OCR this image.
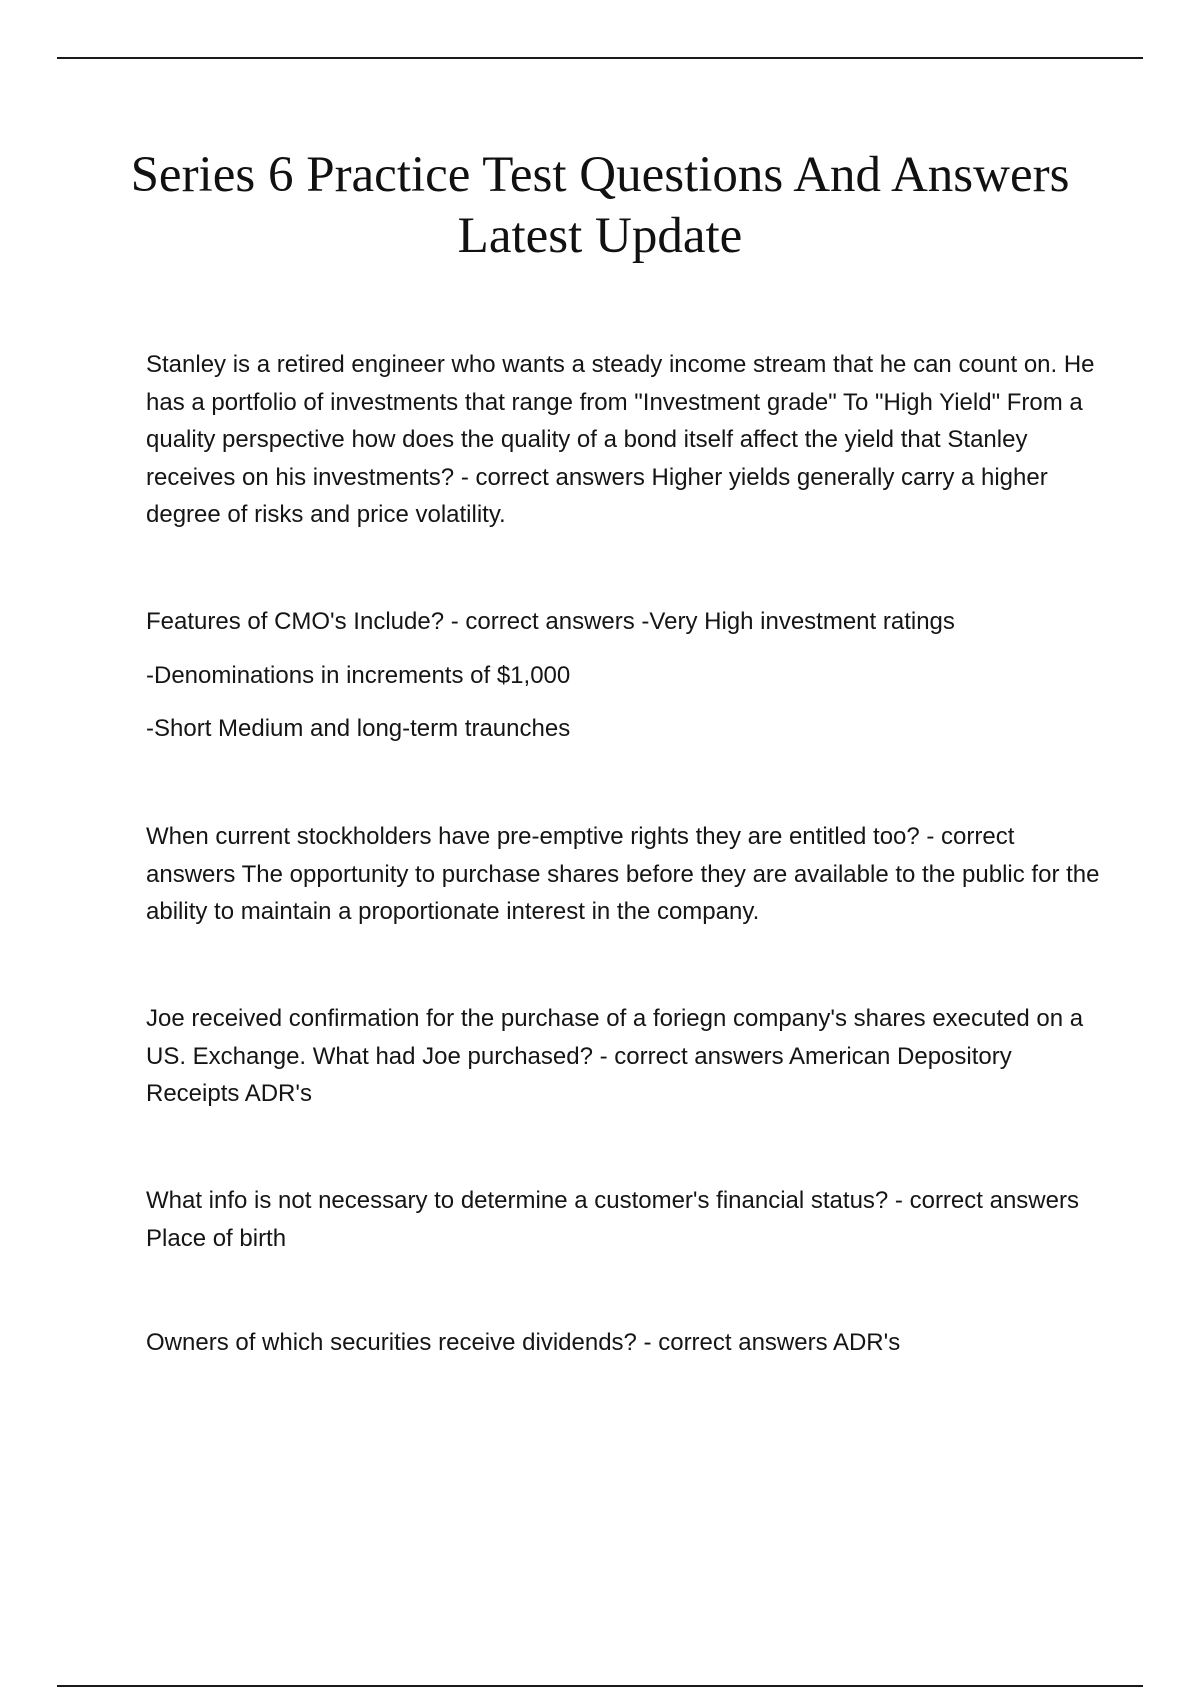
Series 6 Practice Test Questions And Answers Latest Update

Stanley is a retired engineer who wants a steady income stream that he can count on. He has a portfolio of investments that range from "Investment grade" To "High Yield" From a quality perspective how does the quality of a bond itself affect the yield that Stanley receives on his investments? - correct answers Higher yields generally carry a higher degree of risks and price volatility.

Features of CMO's Include? - correct answers -Very High investment ratings

-Denominations in increments of $1,000

-Short Medium and long-term traunches

When current stockholders have pre-emptive rights they are entitled too? - correct answers The opportunity to purchase shares before they are available to the public for the ability to maintain a proportionate interest in the company.

Joe received confirmation for the purchase of a foriegn company's shares executed on a US. Exchange. What had Joe purchased? - correct answers American Depository Receipts ADR's

What info is not necessary to determine a customer's financial status? - correct answers Place of birth

Owners of which securities receive dividends? - correct answers ADR's
